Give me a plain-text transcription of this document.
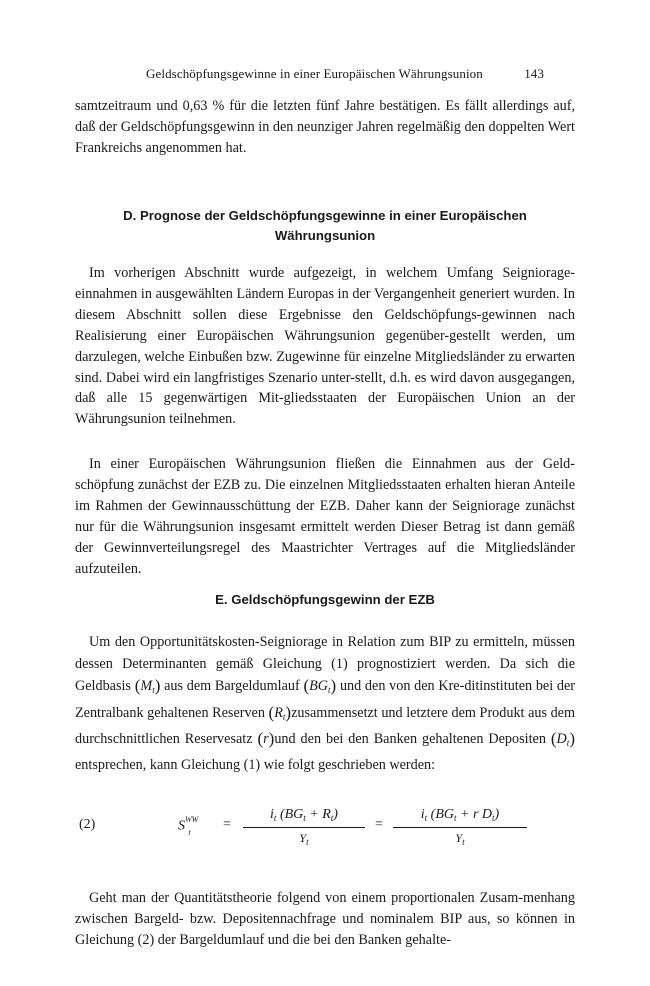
Geldschöpfungsgewinne in einer Europäischen Währungsunion	143

samtzeitraum und 0,63 % für die letzten fünf Jahre bestätigen. Es fällt allerdings auf, daß der Geldschöpfungsgewinn in den neunziger Jahren regelmäßig den doppelten Wert Frankreichs angenommen hat.

D. Prognose der Geldschöpfungsgewinne in einer Europäischen
Währungsunion

Im vorherigen Abschnitt wurde aufgezeigt, in welchem Umfang Seigniorage-einnahmen in ausgewählten Ländern Europas in der Vergangenheit generiert wurden. In diesem Abschnitt sollen diese Ergebnisse den Geldschöpfungs-gewinnen nach Realisierung einer Europäischen Währungsunion gegenüber-gestellt werden, um darzulegen, welche Einbußen bzw. Zugewinne für einzelne Mitgliedsländer zu erwarten sind. Dabei wird ein langfristiges Szenario unter-stellt, d.h. es wird davon ausgegangen, daß alle 15 gegenwärtigen Mit-gliedsstaaten der Europäischen Union an der Währungsunion teilnehmen.

In einer Europäischen Währungsunion fließen die Einnahmen aus der Geld-schöpfung zunächst der EZB zu. Die einzelnen Mitgliedsstaaten erhalten hieran Anteile im Rahmen der Gewinnausschüttung der EZB. Daher kann der Seigniorage zunächst nur für die Währungsunion insgesamt ermittelt werden Dieser Betrag ist dann gemäß der Gewinnverteilungsregel des Maastrichter Vertrages auf die Mitgliedsländer aufzuteilen.

E. Geldschöpfungsgewinn der EZB

Um den Opportunitätskosten-Seigniorage in Relation zum BIP zu ermitteln, müssen dessen Determinanten gemäß Gleichung (1) prognostiziert werden. Da sich die Geldbasis $(M_t)$ aus dem Bargeldumlauf $(BG_t)$ und den von den Kre-ditinstituten bei der Zentralbank gehaltenen Reserven $(R_t)zusammensetzt$ und letztere dem Produkt aus dem durchschnittlichen Reservesatz (r)und den bei den Banken gehaltenen Depositen $(D_t)$ entsprechen, kann Gleichung (1) wie folgt geschrieben werden:

(2)	$S^{WW}_t$
=
$i_t$ $(BG_t + R_t)$
$Y_t$
=
$i_t$ ($BG_t + r$ $D_t$)
$Y_t$

Geht man der Quantitätstheorie folgend von einem proportionalen Zusam-menhang zwischen Bargeld- bzw. Depositennachfrage und nominalem BIP aus, so können in Gleichung (2) der Bargeldumlauf und die bei den Banken gehalte-
